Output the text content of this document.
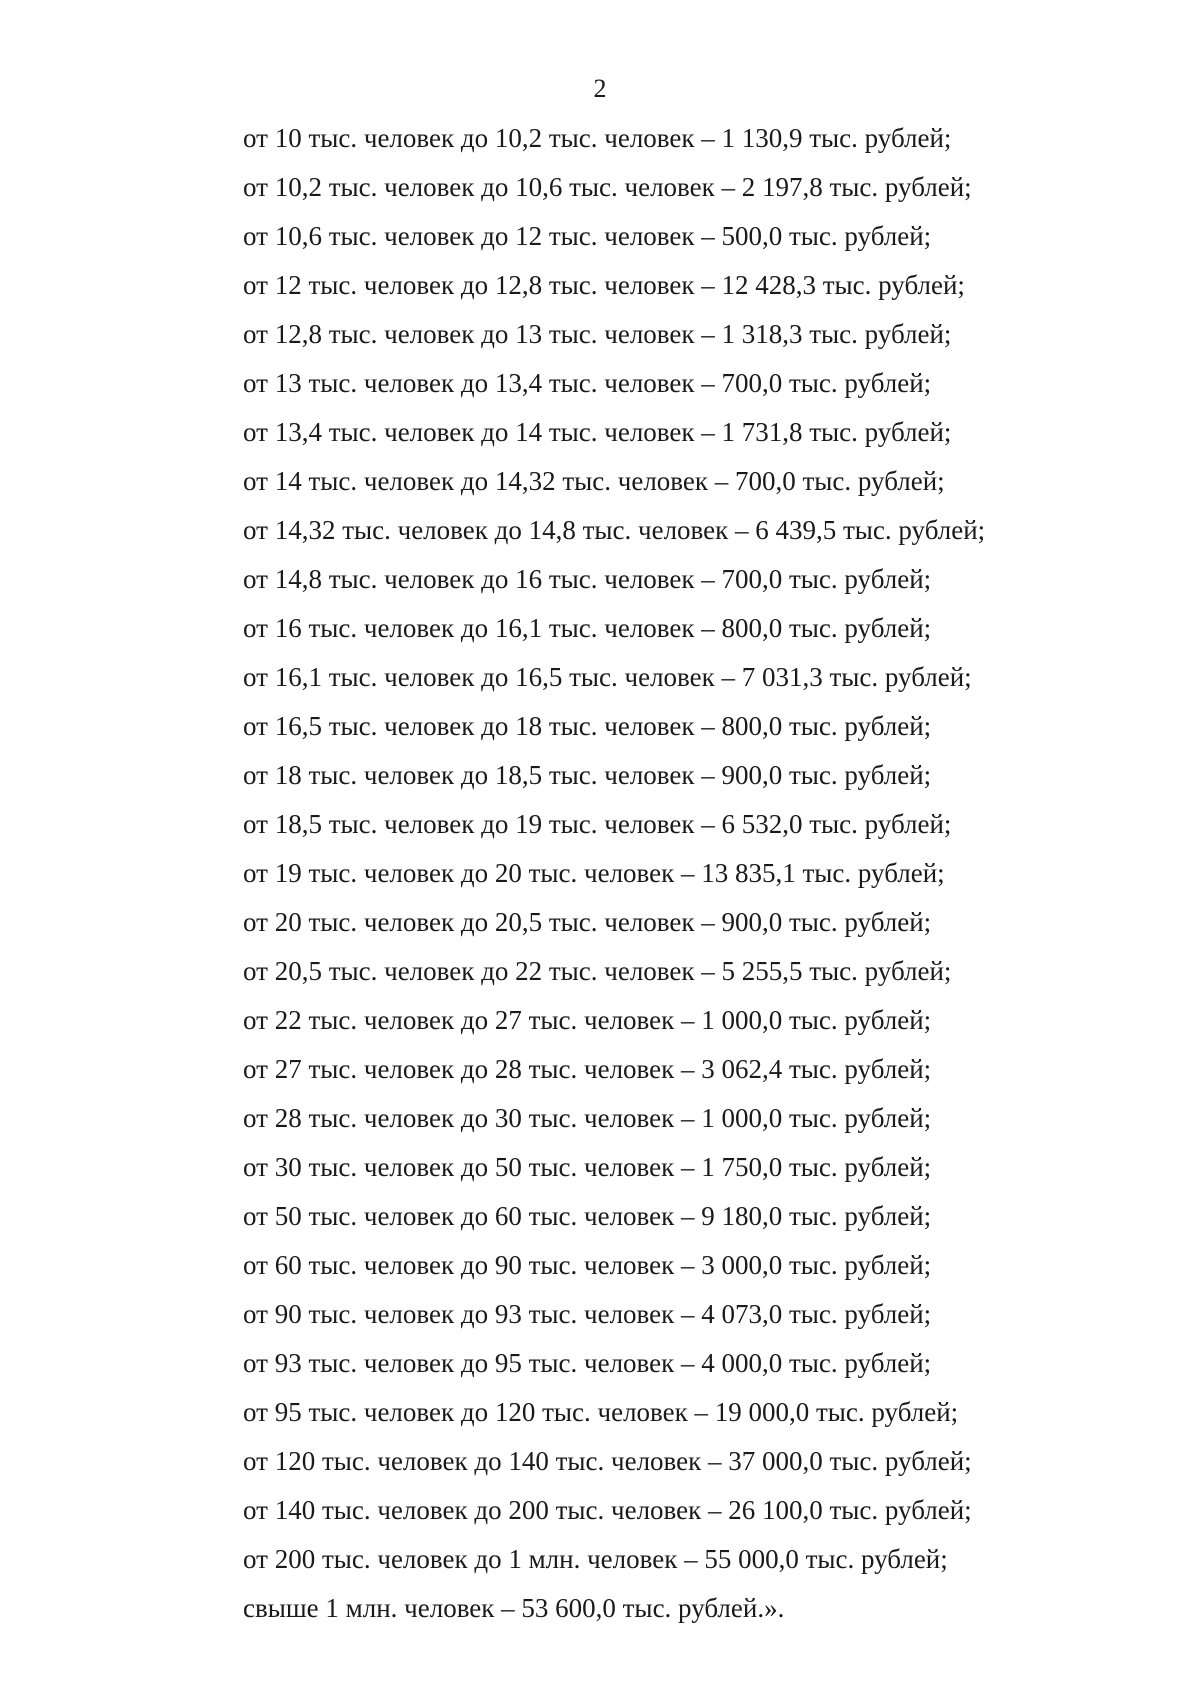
2
от 10 тыс. человек до 10,2 тыс. человек – 1 130,9 тыс. рублей;
от 10,2 тыс. человек до 10,6 тыс. человек – 2 197,8 тыс. рублей;
от 10,6 тыс. человек до 12 тыс. человек – 500,0 тыс. рублей;
от 12 тыс. человек до 12,8 тыс. человек – 12 428,3 тыс. рублей;
от 12,8 тыс. человек до 13 тыс. человек – 1 318,3 тыс. рублей;
от 13 тыс. человек до 13,4 тыс. человек – 700,0 тыс. рублей;
от 13,4 тыс. человек до 14 тыс. человек – 1 731,8 тыс. рублей;
от 14 тыс. человек до 14,32 тыс. человек – 700,0 тыс. рублей;
от 14,32 тыс. человек до 14,8 тыс. человек – 6 439,5 тыс. рублей;
от 14,8 тыс. человек до 16 тыс. человек – 700,0 тыс. рублей;
от 16 тыс. человек до 16,1 тыс. человек – 800,0 тыс. рублей;
от 16,1 тыс. человек до 16,5 тыс. человек – 7 031,3 тыс. рублей;
от 16,5 тыс. человек до 18 тыс. человек – 800,0 тыс. рублей;
от 18 тыс. человек до 18,5 тыс. человек – 900,0 тыс. рублей;
от 18,5 тыс. человек до 19 тыс. человек – 6 532,0 тыс. рублей;
от 19 тыс. человек до 20 тыс. человек – 13 835,1 тыс. рублей;
от 20 тыс. человек до 20,5 тыс. человек – 900,0 тыс. рублей;
от 20,5 тыс. человек до 22 тыс. человек – 5 255,5 тыс. рублей;
от 22 тыс. человек до 27 тыс. человек – 1 000,0 тыс. рублей;
от 27 тыс. человек до 28 тыс. человек – 3 062,4 тыс. рублей;
от 28 тыс. человек до 30 тыс. человек – 1 000,0 тыс. рублей;
от 30 тыс. человек до 50 тыс. человек – 1 750,0 тыс. рублей;
от 50 тыс. человек до 60 тыс. человек – 9 180,0 тыс. рублей;
от 60 тыс. человек до 90 тыс. человек – 3 000,0 тыс. рублей;
от 90 тыс. человек до 93 тыс. человек – 4 073,0 тыс. рублей;
от 93 тыс. человек до 95 тыс. человек – 4 000,0 тыс. рублей;
от 95 тыс. человек до 120 тыс. человек – 19 000,0 тыс. рублей;
от 120 тыс. человек до 140 тыс. человек – 37 000,0 тыс. рублей;
от 140 тыс. человек до 200 тыс. человек – 26 100,0 тыс. рублей;
от 200 тыс. человек до 1 млн. человек – 55 000,0 тыс. рублей;
свыше 1 млн. человек – 53 600,0 тыс. рублей.».
